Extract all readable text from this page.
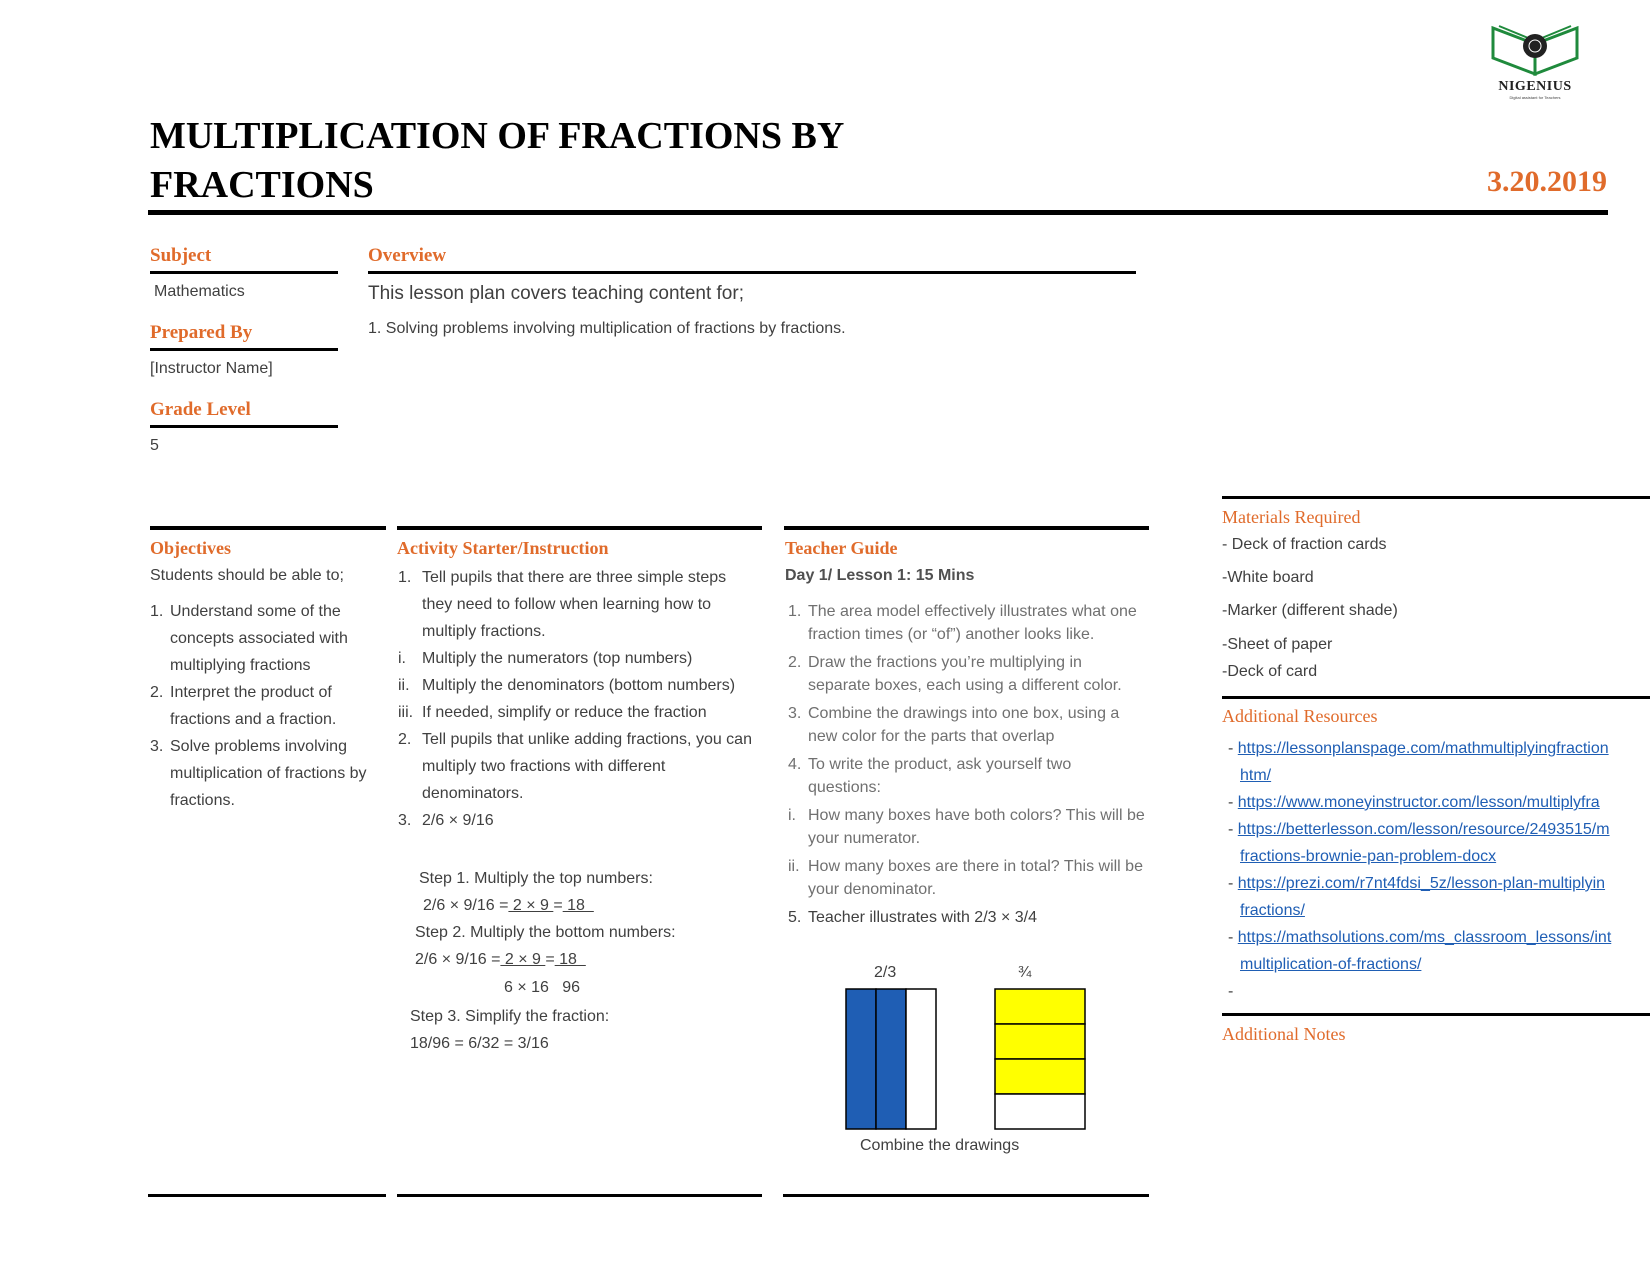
NIGENIUS
Digital assistant for Teachers
MULTIPLICATION OF FRACTIONS BY
FRACTIONS	3.20.2019
Subject
Mathematics
Prepared By
[Instructor Name]
Grade Level
5
Overview
This lesson plan covers teaching content for;
1. Solving problems involving multiplication of fractions by fractions.
Objectives
Students should be able to;
1. Understand some of the concepts associated with multiplying fractions
2. Interpret the product of fractions and a fraction.
3. Solve problems involving multiplication of fractions by fractions.
Activity Starter/Instruction
1. Tell pupils that there are three simple steps they need to follow when learning how to multiply fractions.
i. Multiply the numerators (top numbers)
ii. Multiply the denominators (bottom numbers)
iii. If needed, simplify or reduce the fraction
2. Tell pupils that unlike adding fractions, you can multiply two fractions with different denominators.
3. 2/6 × 9/16
Step 1. Multiply the top numbers:
2/6 × 9/16 = 2 × 9 = 18
Step 2. Multiply the bottom numbers:
2/6 × 9/16 = 2 × 9 = 18
6 × 16 96
Step 3. Simplify the fraction:
18/96 = 6/32 = 3/16
Teacher Guide
Day 1/ Lesson 1: 15 Mins
1. The area model effectively illustrates what one fraction times (or “of”) another looks like.
2. Draw the fractions you’re multiplying in separate boxes, each using a different color.
3. Combine the drawings into one box, using a new color for the parts that overlap
4. To write the product, ask yourself two questions:
i. How many boxes have both colors? This will be your numerator.
ii. How many boxes are there in total? This will be your denominator.
5. Teacher illustrates with 2/3 × 3/4
2/3	¾
Combine the drawings
Materials Required
- Deck of fraction cards
-White board
-Marker (different shade)
-Sheet of paper
-Deck of card
Additional Resources
- https://lessonplanspage.com/mathmultiplyingfraction
htm/
- https://www.moneyinstructor.com/lesson/multiplyfra
- https://betterlesson.com/lesson/resource/2493515/m
fractions-brownie-pan-problem-docx
- https://prezi.com/r7nt4fdsi_5z/lesson-plan-multiplyin
fractions/
- https://mathsolutions.com/ms_classroom_lessons/int
multiplication-of-fractions/
-
Additional Notes
